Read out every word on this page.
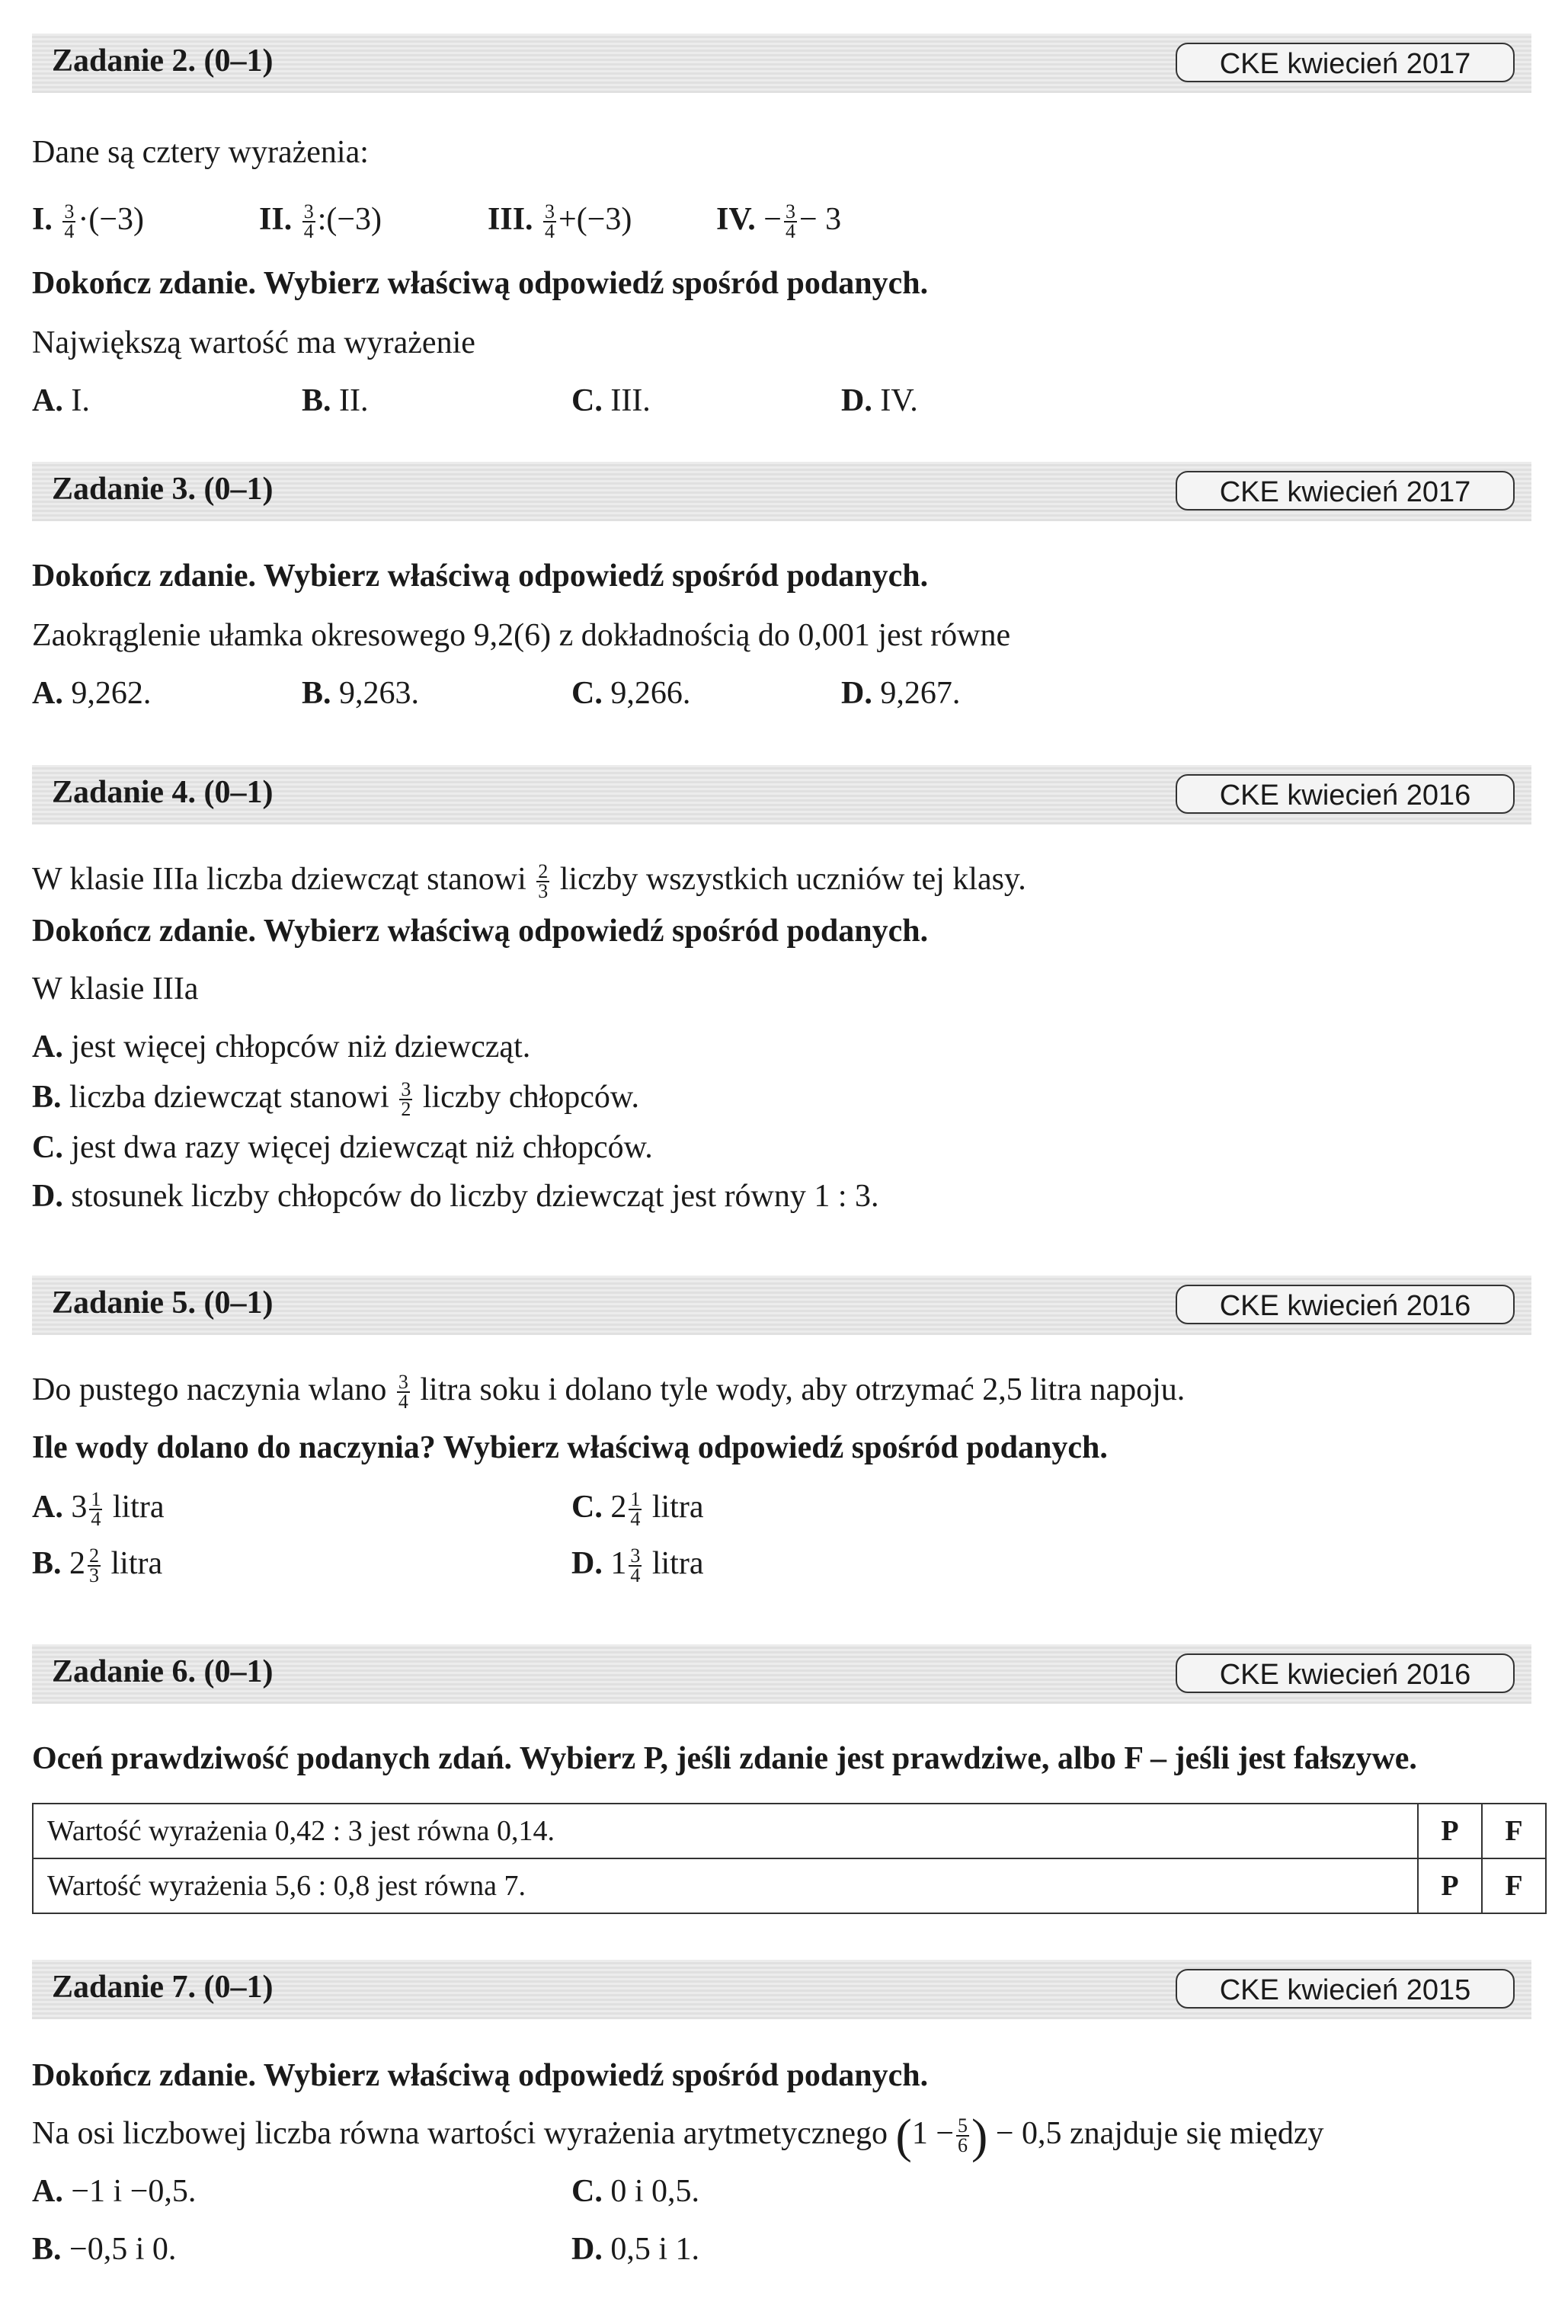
Zadanie 2. (0–1)	CKE kwiecień 2017
Dane są cztery wyrażenia:
I. $\frac{3}{4} \cdot(-3)$	II. $\frac{3}{4}$ :(−3)	III. $\frac{3}{4} +(-3)$	IV. − $\frac{3}{4} - 3$
Dokończ zdanie. Wybierz właściwą odpowiedź spośród podanych.
Największą wartość ma wyrażenie
A. I.	B. II.	C. III.	D. IV.
Zadanie 3. (0–1)	CKE kwiecień 2017
Dokończ zdanie. Wybierz właściwą odpowiedź spośród podanych.
Zaokrąglenie ułamka okresowego 9,2(6) z dokładnością do 0,001 jest równe
A. 9,262.	B. 9,263.	C. 9,266.	D. 9,267.
Zadanie 4. (0–1)	CKE kwiecień 2016
W klasie IIIa liczba dziewcząt stanowi $\frac{2}{3}$ liczby wszystkich uczniów tej klasy.
Dokończ zdanie. Wybierz właściwą odpowiedź spośród podanych.
W klasie IIIa
A. jest więcej chłopców niż dziewcząt.
B. liczba dziewcząt stanowi $\frac{3}{2}$ liczby chłopców.
C. jest dwa razy więcej dziewcząt niż chłopców.
D. stosunek liczby chłopców do liczby dziewcząt jest równy 1 : 3.
Zadanie 5. (0–1)	CKE kwiecień 2016
Do pustego naczynia wlano $\frac{3}{4}$ litra soku i dolano tyle wody, aby otrzymać 2,5 litra napoju.
Ile wody dolano do naczynia? Wybierz właściwą odpowiedź spośród podanych.
A. $3 \frac{1}{4}$ litra
B. $2 \frac{2}{3}$ litra
C. $2 \frac{1}{4}$ litra
D. $1 \frac{3}{4}$ litra
Zadanie 6. (0–1)	CKE kwiecień 2016
Oceń prawdziwość podanych zdań. Wybierz P, jeśli zdanie jest prawdziwe, albo F – jeśli jest fałszywe.
Wartość wyrażenia 0,42 : 3 jest równa 0,14.	P	F
Wartość wyrażenia 5,6 : 0,8 jest równa 7.	P	F
Zadanie 7. (0–1)	CKE kwiecień 2015
Dokończ zdanie. Wybierz właściwą odpowiedź spośród podanych.
Na osi liczbowej liczba równa wartości wyrażenia arytmetycznego ($1 - \frac{5}{6}$ ) − 0,5 znajduje się między
A. −1 i −0,5.
B. −0,5 i 0.
C. 0 i 0,5.
D. 0,5 i 1.
